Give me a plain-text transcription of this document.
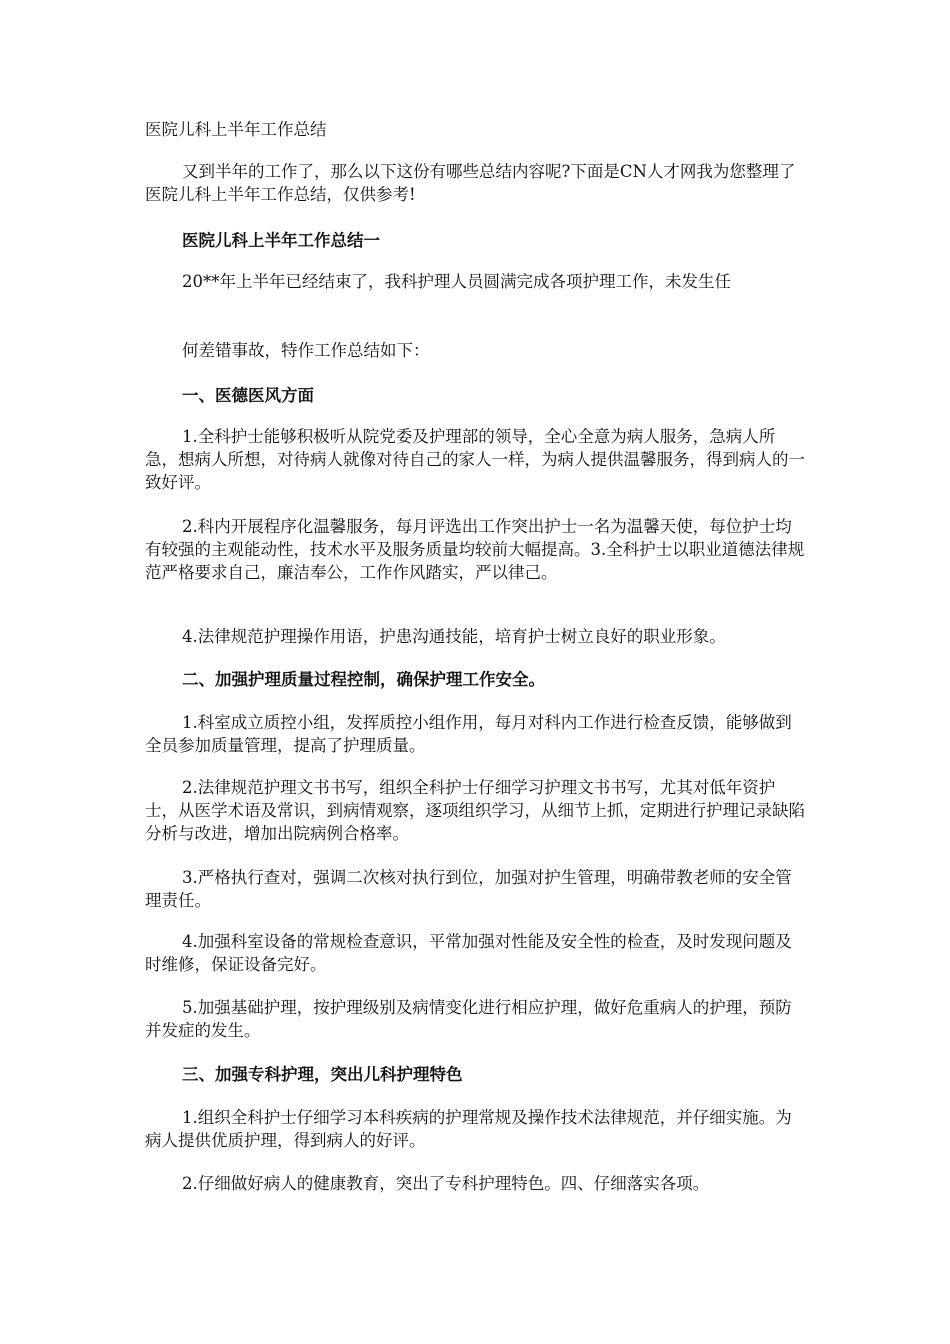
医院儿科上半年工作总结

又到半年的工作了，那么以下这份有哪些总结内容呢?下面是CN人才网我为您整理了医院儿科上半年工作总结，仅供参考!

医院儿科上半年工作总结一

20**年上半年已经结束了，我科护理人员圆满完成各项护理工作，未发生任

何差错事故，特作工作总结如下：

一、医德医风方面

1.全科护士能够积极听从院党委及护理部的领导，全心全意为病人服务，急病人所急，想病人所想，对待病人就像对待自己的家人一样，为病人提供温馨服务，得到病人的一致好评。

2.科内开展程序化温馨服务，每月评选出工作突出护士一名为温馨天使，每位护士均有较强的主观能动性，技术水平及服务质量均较前大幅提高。3.全科护士以职业道德法律规范严格要求自己，廉洁奉公，工作作风踏实，严以律己。

4.法律规范护理操作用语，护患沟通技能，培育护士树立良好的职业形象。

二、加强护理质量过程控制，确保护理工作安全。

1.科室成立质控小组，发挥质控小组作用，每月对科内工作进行检查反馈，能够做到全员参加质量管理，提高了护理质量。

2.法律规范护理文书书写，组织全科护士仔细学习护理文书书写，尤其对低年资护士，从医学术语及常识，到病情观察，逐项组织学习，从细节上抓，定期进行护理记录缺陷分析与改进，增加出院病例合格率。

3.严格执行查对，强调二次核对执行到位，加强对护生管理，明确带教老师的安全管理责任。

4.加强科室设备的常规检查意识，平常加强对性能及安全性的检查，及时发现问题及时维修，保证设备完好。

5.加强基础护理，按护理级别及病情变化进行相应护理，做好危重病人的护理，预防并发症的发生。

三、加强专科护理，突出儿科护理特色

1.组织全科护士仔细学习本科疾病的护理常规及操作技术法律规范，并仔细实施。为病人提供优质护理，得到病人的好评。

2.仔细做好病人的健康教育，突出了专科护理特色。四、仔细落实各项。
